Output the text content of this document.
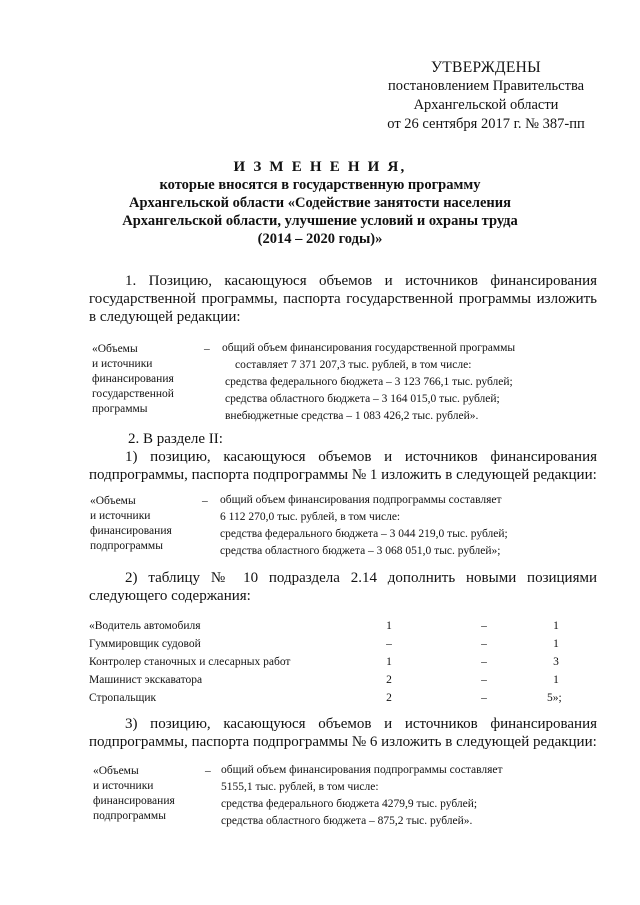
УТВЕРЖДЕНЫ
постановлением Правительства
Архангельской области
от 26 сентября 2017 г. № 387-пп
И З М Е Н Е Н И Я,
которые вносятся в государственную программу
Архангельской области «Содействие занятости населения
Архангельской области, улучшение условий и охраны труда
(2014 – 2020 годы)»
1. Позицию, касающуюся объемов и источников финансирования государственной программы, паспорта государственной программы изложить в следующей редакции:
«Объемы
и источники
финансирования
государственной
программы
–	общий объем финансирования государственной программы
составляет 7 371 207,3 тыс. рублей, в том числе:
средства федерального бюджета – 3 123 766,1 тыс. рублей;
средства областного бюджета – 3 164 015,0 тыс. рублей;
внебюджетные средства – 1 083 426,2 тыс. рублей».
2. В разделе II:
1) позицию, касающуюся объемов и источников финансирования подпрограммы, паспорта подпрограммы № 1 изложить в следующей редакции:
«Объемы
и источники
финансирования
подпрограммы
–	общий объем финансирования подпрограммы составляет
6 112 270,0 тыс. рублей, в том числе:
средства федерального бюджета – 3 044 219,0 тыс. рублей;
средства областного бюджета – 3 068 051,0 тыс. рублей»;
2) таблицу № 10 подраздела 2.14 дополнить новыми позициями следующего содержания:
«Водитель автомобиля	1	–	1
Гуммировщик судовой	–	–	1
Контролер станочных и слесарных работ	1	–	3
Машинист экскаватора	2	–	1
Стропальщик	2	–	5»;
3) позицию, касающуюся объемов и источников финансирования подпрограммы, паспорта подпрограммы № 6 изложить в следующей редакции:
«Объемы
и источники
финансирования
подпрограммы
– общий объем финансирования подпрограммы составляет
5155,1 тыс. рублей, в том числе:
средства федерального бюджета 4279,9 тыс. рублей;
средства областного бюджета – 875,2 тыс. рублей».
